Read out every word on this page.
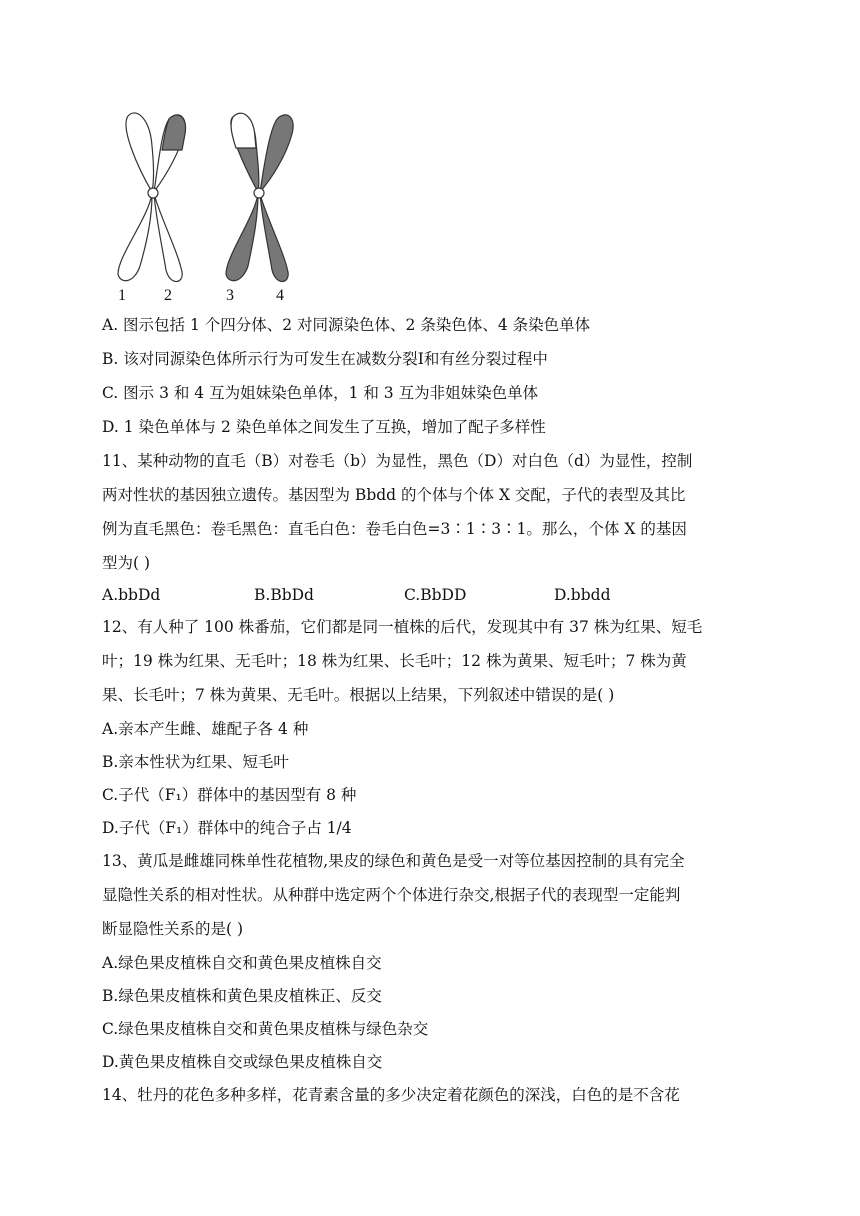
1 2	3	4
A. 图示包括 1 个四分体、2 对同源染色体、2 条染色体、4 条染色单体
B. 该对同源染色体所示行为可发生在减数分裂Ⅰ和有丝分裂过程中
C. 图示 3 和 4 互为姐妹染色单体，1 和 3 互为非姐妹染色单体
D. 1 染色单体与 2 染色单体之间发生了互换，增加了配子多样性
11、某种动物的直毛（B）对卷毛（b）为显性，黑色（D）对白色（d）为显性，控制
两对性状的基因独立遗传。基因型为 Bbdd 的个体与个体 X 交配，子代的表型及其比
例为直毛黑色：卷毛黑色：直毛白色：卷毛白色=3∶1∶3∶1。那么，个体 X 的基因
型为( )
A.bbDd	B.BbDd	C.BbDD	D.bbdd
12、有人种了 100 株番茄，它们都是同一植株的后代，发现其中有 37 株为红果、短毛
叶；19 株为红果、无毛叶；18 株为红果、长毛叶；12 株为黄果、短毛叶；7 株为黄
果、长毛叶；7 株为黄果、无毛叶。根据以上结果，下列叙述中错误的是( )
A.亲本产生雌、雄配子各 4 种
B.亲本性状为红果、短毛叶
C.子代（F₁）群体中的基因型有 8 种
D.子代（F₁）群体中的纯合子占 1/4
13、黄瓜是雌雄同株单性花植物,果皮的绿色和黄色是受一对等位基因控制的具有完全
显隐性关系的相对性状。从种群中选定两个个体进行杂交,根据子代的表现型一定能判
断显隐性关系的是( )
A.绿色果皮植株自交和黄色果皮植株自交
B.绿色果皮植株和黄色果皮植株正、反交
C.绿色果皮植株自交和黄色果皮植株与绿色杂交
D.黄色果皮植株自交或绿色果皮植株自交
14、牡丹的花色多种多样，花青素含量的多少决定着花颜色的深浅，白色的是不含花
